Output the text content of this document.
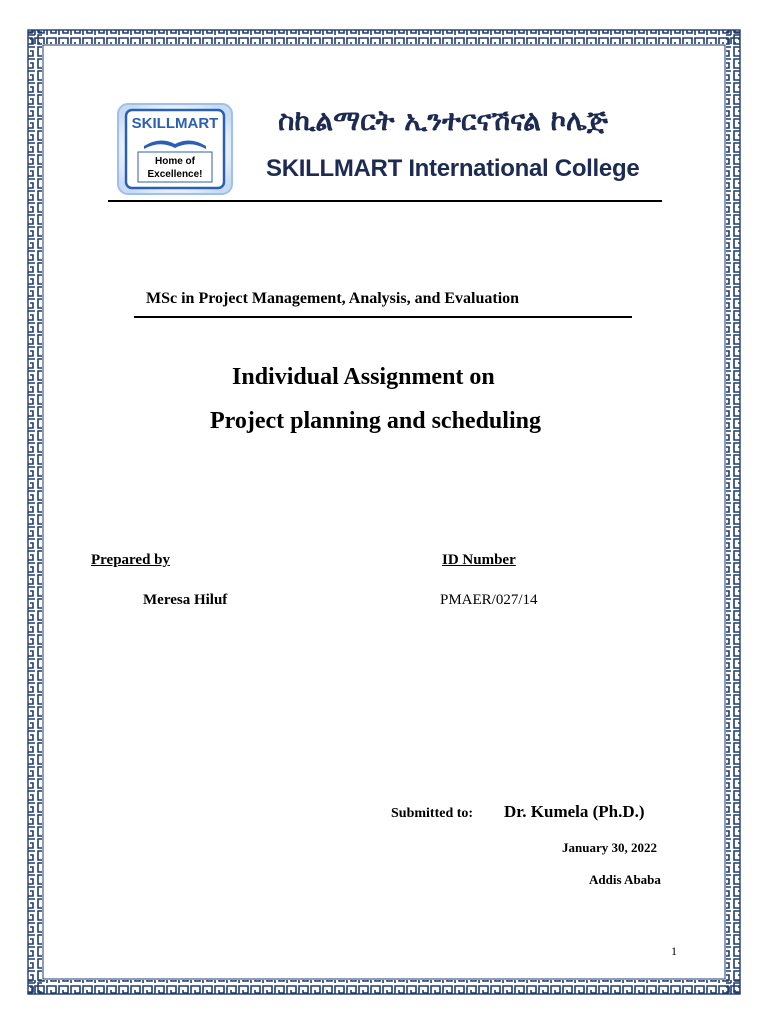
SKILLMART
Home of
Excellence!
ስኪልማርት ኢንተርናሽናል ኮሌጅ
SKILLMART International College
MSc in Project Management, Analysis, and Evaluation
Individual Assignment on
Project planning and scheduling
Prepared by	ID Number
Meresa Hiluf	PMAER/027/14
Submitted to: Dr. Kumela (Ph.D.)
January 30, 2022
Addis Ababa
1
